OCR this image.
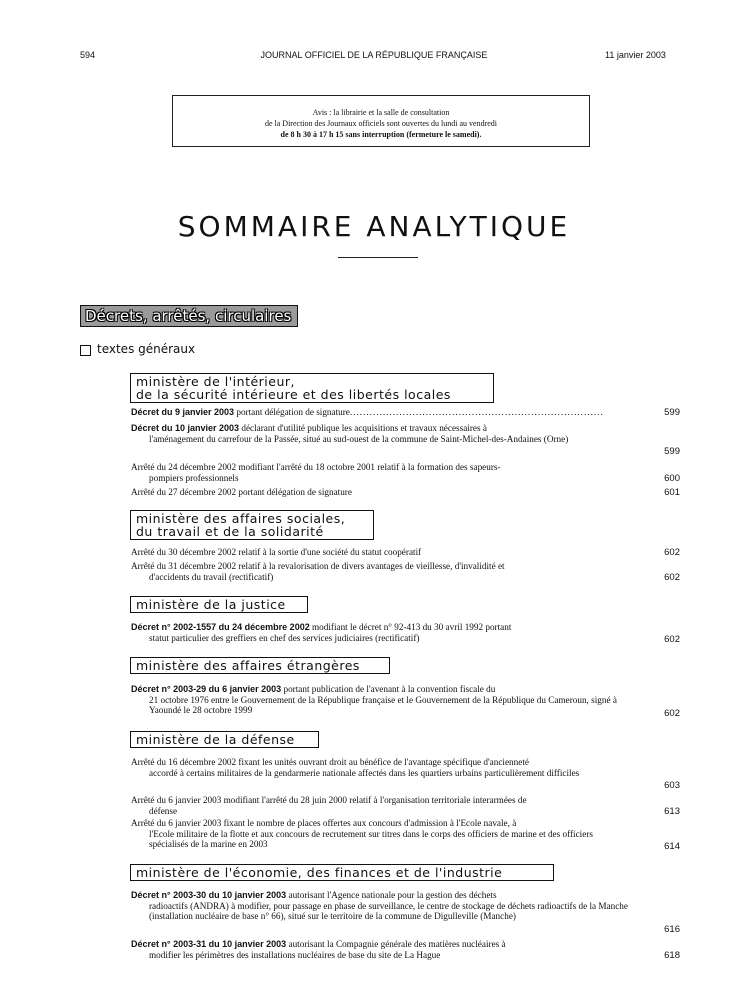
594	JOURNAL OFFICIEL DE LA RÉPUBLIQUE FRANÇAISE	11 janvier 2003
Avis : la librairie et la salle de consultation
de la Direction des Journaux officiels sont ouvertes du lundi au vendredi
de 8 h 30 à 17 h 15 sans interruption (fermeture le samedi).
SOMMAIRE ANALYTIQUE
Décrets, arrêtés, circulaires
textes généraux
ministère de l'intérieur,
de la sécurité intérieure et des libertés locales
Décret du 9 janvier 2003 portant délégation de signature.............................................................................	599
Décret du 10 janvier 2003 déclarant d'utilité publique les acquisitions et travaux nécessaires à
l'aménagement du carrefour de la Passée, situé au sud-ouest de la commune de Saint-Michel-des-Andaines (Orne)
599
Arrêté du 24 décembre 2002 modifiant l'arrêté du 18 octobre 2001 relatif à la formation des sapeurs-
pompiers professionnels	600
Arrêté du 27 décembre 2002 portant délégation de signature	601
ministère des affaires sociales,
du travail et de la solidarité
Arrêté du 30 décembre 2002 relatif à la sortie d'une société du statut coopératif	602
Arrêté du 31 décembre 2002 relatif à la revalorisation de divers avantages de vieillesse, d'invalidité et
d'accidents du travail (rectificatif)	602
ministère de la justice
Décret n° 2002-1557 du 24 décembre 2002 modifiant le décret n° 92-413 du 30 avril 1992 portant
statut particulier des greffiers en chef des services judiciaires (rectificatif)	602
ministère des affaires étrangères
Décret n° 2003-29 du 6 janvier 2003 portant publication de l'avenant à la convention fiscale du
21 octobre 1976 entre le Gouvernement de la République française et le Gouvernement de la République du Cameroun, signé à Yaoundé le 28 octobre 1999	602
ministère de la défense
Arrêté du 16 décembre 2002 fixant les unités ouvrant droit au bénéfice de l'avantage spécifique d'ancienneté
accordé à certains militaires de la gendarmerie nationale affectés dans les quartiers urbains particulièrement difficiles
603
Arrêté du 6 janvier 2003 modifiant l'arrêté du 28 juin 2000 relatif à l'organisation territoriale interarmées de
défense	613
Arrêté du 6 janvier 2003 fixant le nombre de places offertes aux concours d'admission à l'Ecole navale, à
l'Ecole militaire de la flotte et aux concours de recrutement sur titres dans le corps des officiers de marine et des officiers spécialisés de la marine en 2003	614
ministère de l'économie, des finances et de l'industrie
Décret n° 2003-30 du 10 janvier 2003 autorisant l'Agence nationale pour la gestion des déchets
radioactifs (ANDRA) à modifier, pour passage en phase de surveillance, le centre de stockage de déchets radioactifs de la Manche (installation nucléaire de base n° 66), situé sur le territoire de la commune de Digulleville (Manche)
616
Décret n° 2003-31 du 10 janvier 2003 autorisant la Compagnie générale des matières nucléaires à
modifier les périmètres des installations nucléaires de base du site de La Hague	618
